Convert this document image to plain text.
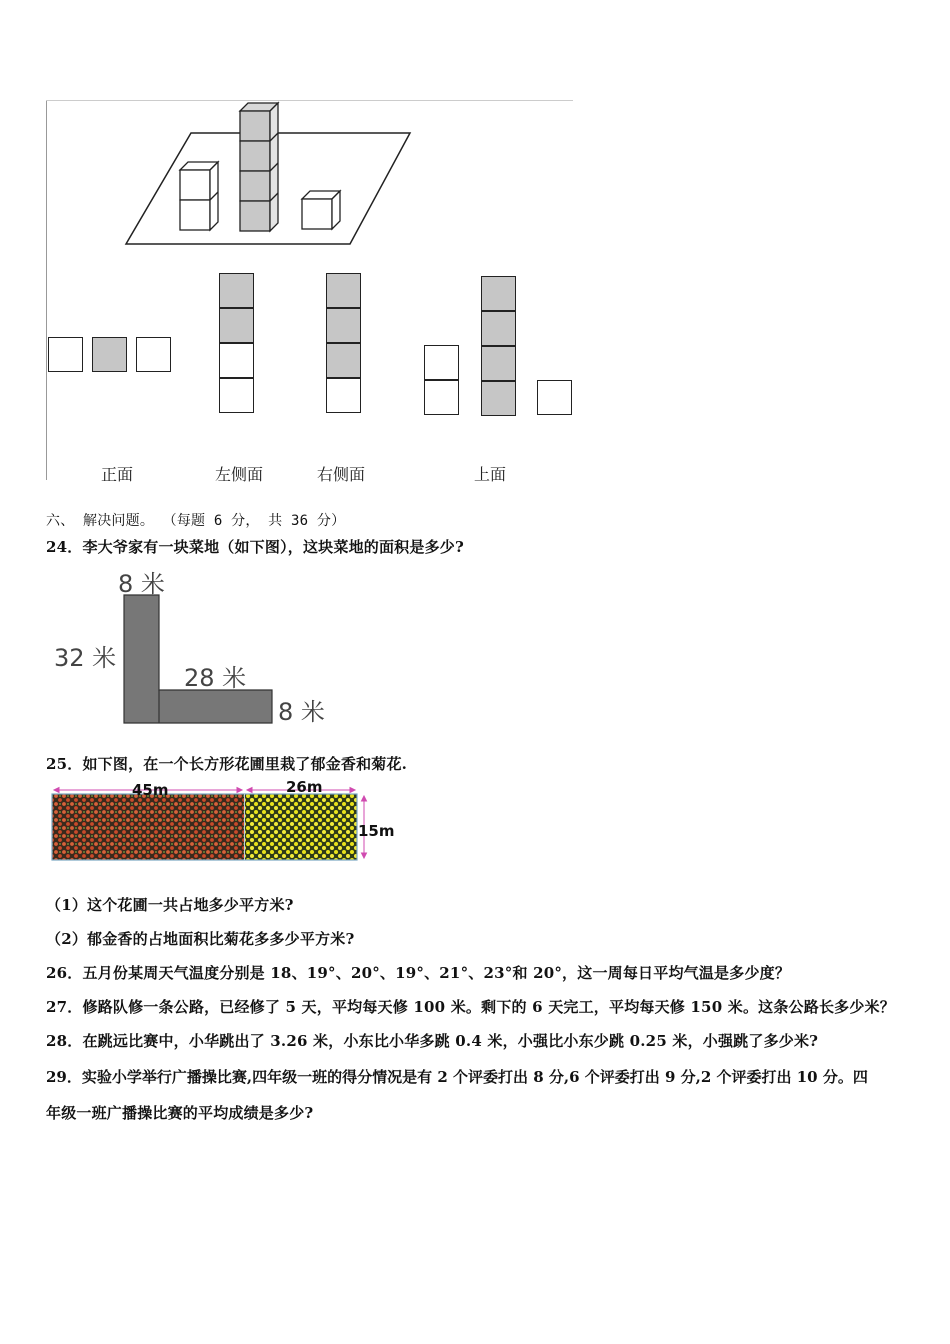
正面	左侧面	右侧面	上面
六、 解决问题。 （每题 6 分， 共 36 分）
24．李大爷家有一块菜地（如下图），这块菜地的面积是多少?
8 米
32 米
28 米
8 米
25．如下图，在一个长方形花圃里栽了郁金香和菊花.
45m	26m
15m
（1）这个花圃一共占地多少平方米?
（2）郁金香的占地面积比菊花多多少平方米?
26．五月份某周天气温度分别是 18、19°、20°、19°、21°、23°和 20°，这一周每日平均气温是多少度？
27．修路队修一条公路，已经修了 5 天，平均每天修 100 米。剩下的 6 天完工，平均每天修 150 米。这条公路长多少米？
28．在跳远比赛中，小华跳出了 3.26 米，小东比小华多跳 0.4 米，小强比小东少跳 0.25 米，小强跳了多少米?
29．实验小学举行广播操比赛,四年级一班的得分情况是有 2 个评委打出 8 分,6 个评委打出 9 分,2 个评委打出 10 分。四
年级一班广播操比赛的平均成绩是多少?
